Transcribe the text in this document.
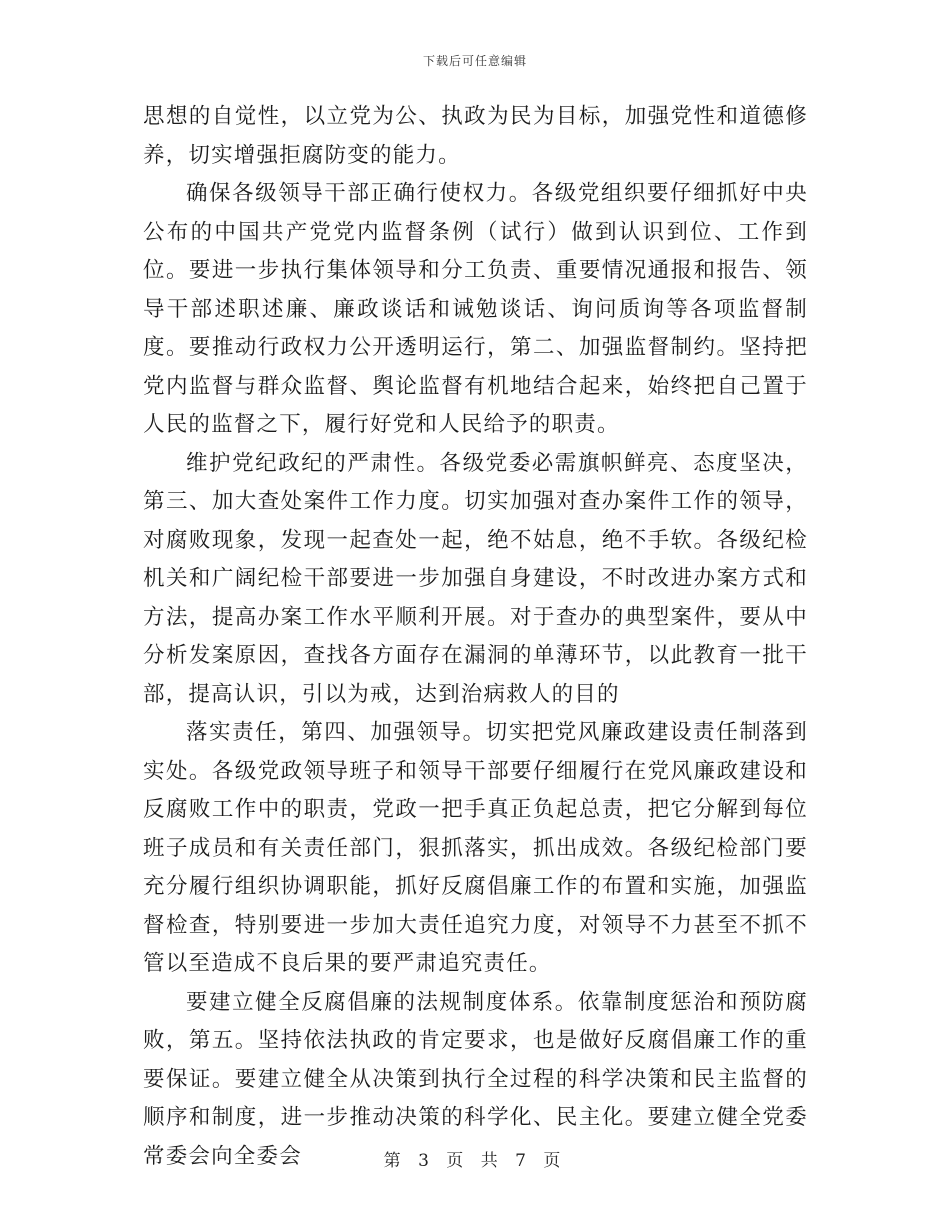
下载后可任意编辑

思想的自觉性，以立党为公、执政为民为目标，加强党性和道德修养，切实增强拒腐防变的能力。

确保各级领导干部正确行使权力。各级党组织要仔细抓好中央公布的中国共产党党内监督条例（试行）做到认识到位、工作到位。要进一步执行集体领导和分工负责、重要情况通报和报告、领导干部述职述廉、廉政谈话和诫勉谈话、询问质询等各项监督制度。要推动行政权力公开透明运行，第二、加强监督制约。坚持把党内监督与群众监督、舆论监督有机地结合起来，始终把自己置于人民的监督之下，履行好党和人民给予的职责。

维护党纪政纪的严肃性。各级党委必需旗帜鲜亮、态度坚决，第三、加大查处案件工作力度。切实加强对查办案件工作的领导，对腐败现象，发现一起查处一起，绝不姑息，绝不手软。各级纪检机关和广阔纪检干部要进一步加强自身建设，不时改进办案方式和方法，提高办案工作水平顺利开展。对于查办的典型案件，要从中分析发案原因，查找各方面存在漏洞的单薄环节，以此教育一批干部，提高认识，引以为戒，达到治病救人的目的

落实责任，第四、加强领导。切实把党风廉政建设责任制落到实处。各级党政领导班子和领导干部要仔细履行在党风廉政建设和反腐败工作中的职责，党政一把手真正负起总责，把它分解到每位班子成员和有关责任部门，狠抓落实，抓出成效。各级纪检部门要充分履行组织协调职能，抓好反腐倡廉工作的布置和实施，加强监督检查，特别要进一步加大责任追究力度，对领导不力甚至不抓不管以至造成不良后果的要严肃追究责任。

要建立健全反腐倡廉的法规制度体系。依靠制度惩治和预防腐败，第五。坚持依法执政的肯定要求，也是做好反腐倡廉工作的重要保证。要建立健全从决策到执行全过程的科学决策和民主监督的顺序和制度，进一步推动决策的科学化、民主化。要建立健全党委常委会向全委会	第 3 页 共 7 页
